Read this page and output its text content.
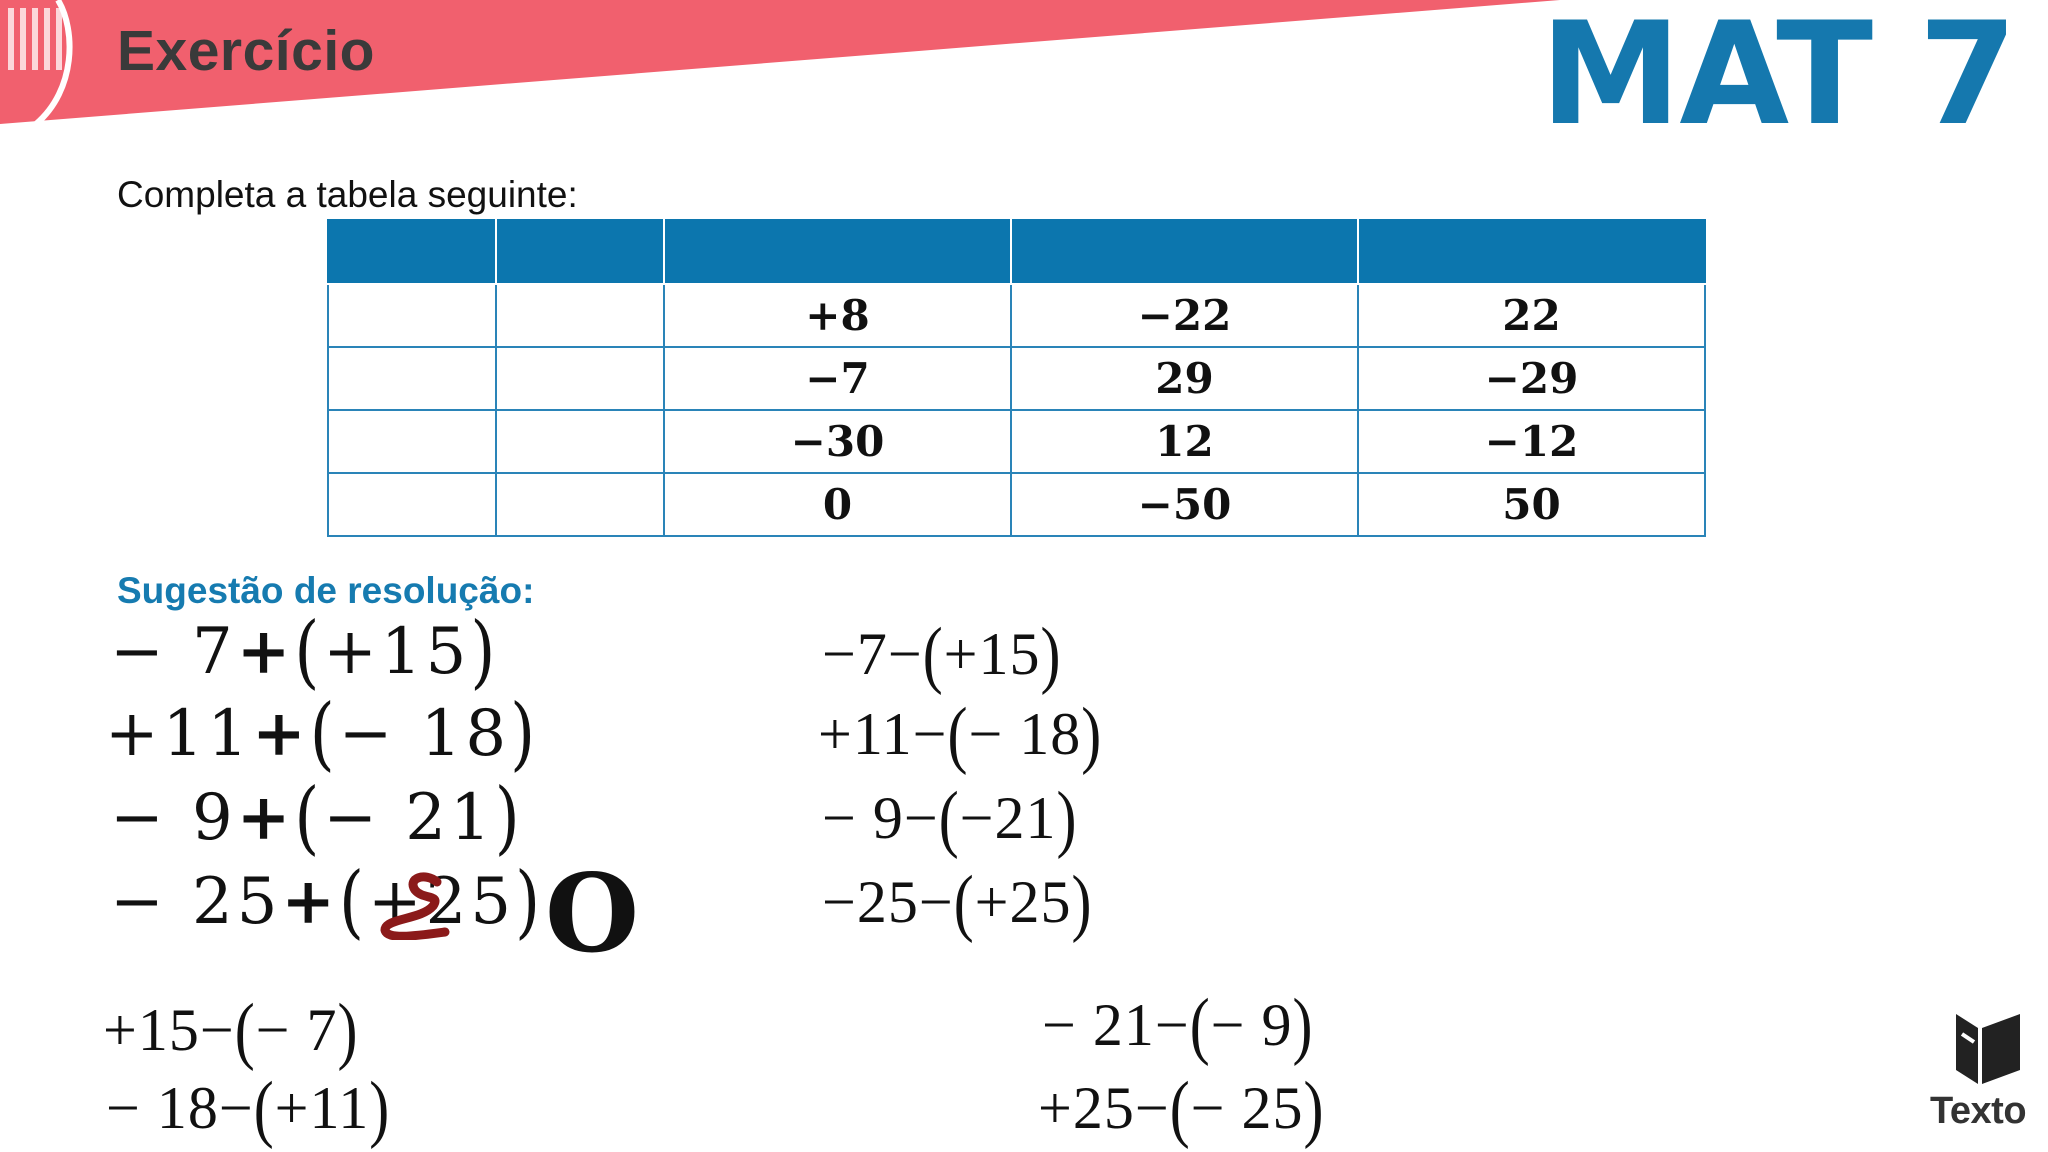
Exercício	MAT 7
Completa a tabela seguinte:

		+8	−22	22
		−7	29	−29
		−30	12	−12
		0	−50	50
Sugestão de resolução:
− 7+(+15)
+11+(− 18)
− 9+(− 21)
− 25+(+25) O
−7−(+15)
+11−(− 18)
− 9−(−21)
−25−(+25)
+15−(− 7)
− 18−(+11)
− 21−(− 9)
+25−(− 25)	Texto
